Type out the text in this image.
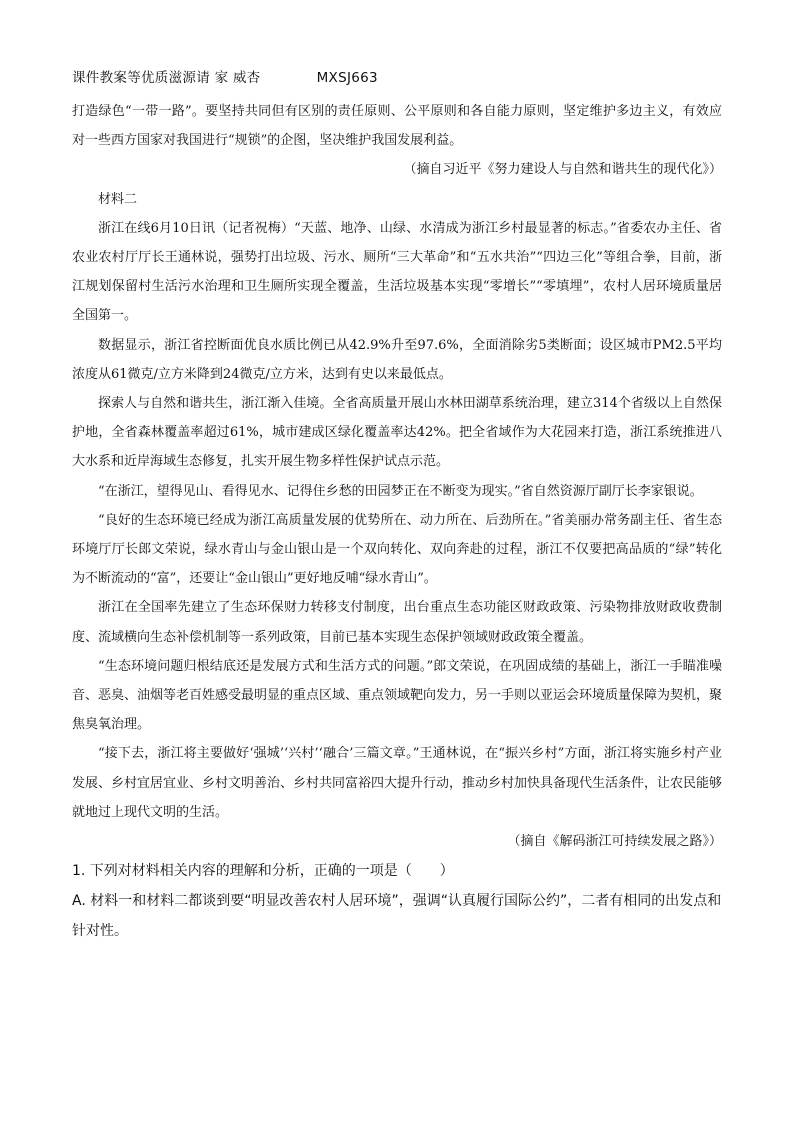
课件教案等优质滋源请 家 威杏	MXSJ663

打造绿色“一带一路”。要坚持共同但有区别的责任原则、公平原则和各自能力原则，坚定维护多边主义，有效应对一些西方国家对我国进行“规锁”的企图，坚决维护我国发展利益。

（摘自习近平《努力建设人与自然和谐共生的现代化》）

材料二

浙江在线6月10日讯（记者祝梅）“天蓝、地净、山绿、水清成为浙江乡村最显著的标志。”省委农办主任、省农业农村厅厅长王通林说，强势打出垃圾、污水、厕所“三大革命”和“五水共治”“四边三化”等组合拳，目前，浙江规划保留村生活污水治理和卫生厕所实现全覆盖，生活垃圾基本实现“零增长”“零填埋”，农村人居环境质量居全国第一。

数据显示，浙江省控断面优良水质比例已从42.9%升至97.6%，全面消除劣5类断面；设区城市PM2.5平均浓度从61微克/立方米降到24微克/立方米，达到有史以来最低点。

探索人与自然和谐共生，浙江渐入佳境。全省高质量开展山水林田湖草系统治理，建立314个省级以上自然保护地，全省森林覆盖率超过61%，城市建成区绿化覆盖率达42%。把全省域作为大花园来打造，浙江系统推进八大水系和近岸海域生态修复，扎实开展生物多样性保护试点示范。

“在浙江，望得见山、看得见水、记得住乡愁的田园梦正在不断变为现实。”省自然资源厅副厅长李家银说。

“良好的生态环境已经成为浙江高质量发展的优势所在、动力所在、后劲所在。”省美丽办常务副主任、省生态环境厅厅长郎文荣说，绿水青山与金山银山是一个双向转化、双向奔赴的过程，浙江不仅要把高品质的“绿”转化为不断流动的“富”，还要让“金山银山”更好地反哺“绿水青山”。

浙江在全国率先建立了生态环保财力转移支付制度，出台重点生态功能区财政政策、污染物排放财政收费制度、流域横向生态补偿机制等一系列政策，目前已基本实现生态保护领域财政政策全覆盖。

“生态环境问题归根结底还是发展方式和生活方式的问题。”郎文荣说，在巩固成绩的基础上，浙江一手瞄准噪音、恶臭、油烟等老百姓感受最明显的重点区域、重点领域靶向发力，另一手则以亚运会环境质量保障为契机，聚焦臭氧治理。

“接下去，浙江将主要做好‘强城’‘兴村’‘融合’三篇文章。”王通林说，在“振兴乡村”方面，浙江将实施乡村产业发展、乡村宜居宜业、乡村文明善治、乡村共同富裕四大提升行动，推动乡村加快具备现代生活条件，让农民能够就地过上现代文明的生活。

（摘自《解码浙江可持续发展之路》）

1. 下列对材料相关内容的理解和分析，正确的一项是（　　）

A. 材料一和材料二都谈到要“明显改善农村人居环境”，强调“认真履行国际公约”，二者有相同的出发点和针对性。
